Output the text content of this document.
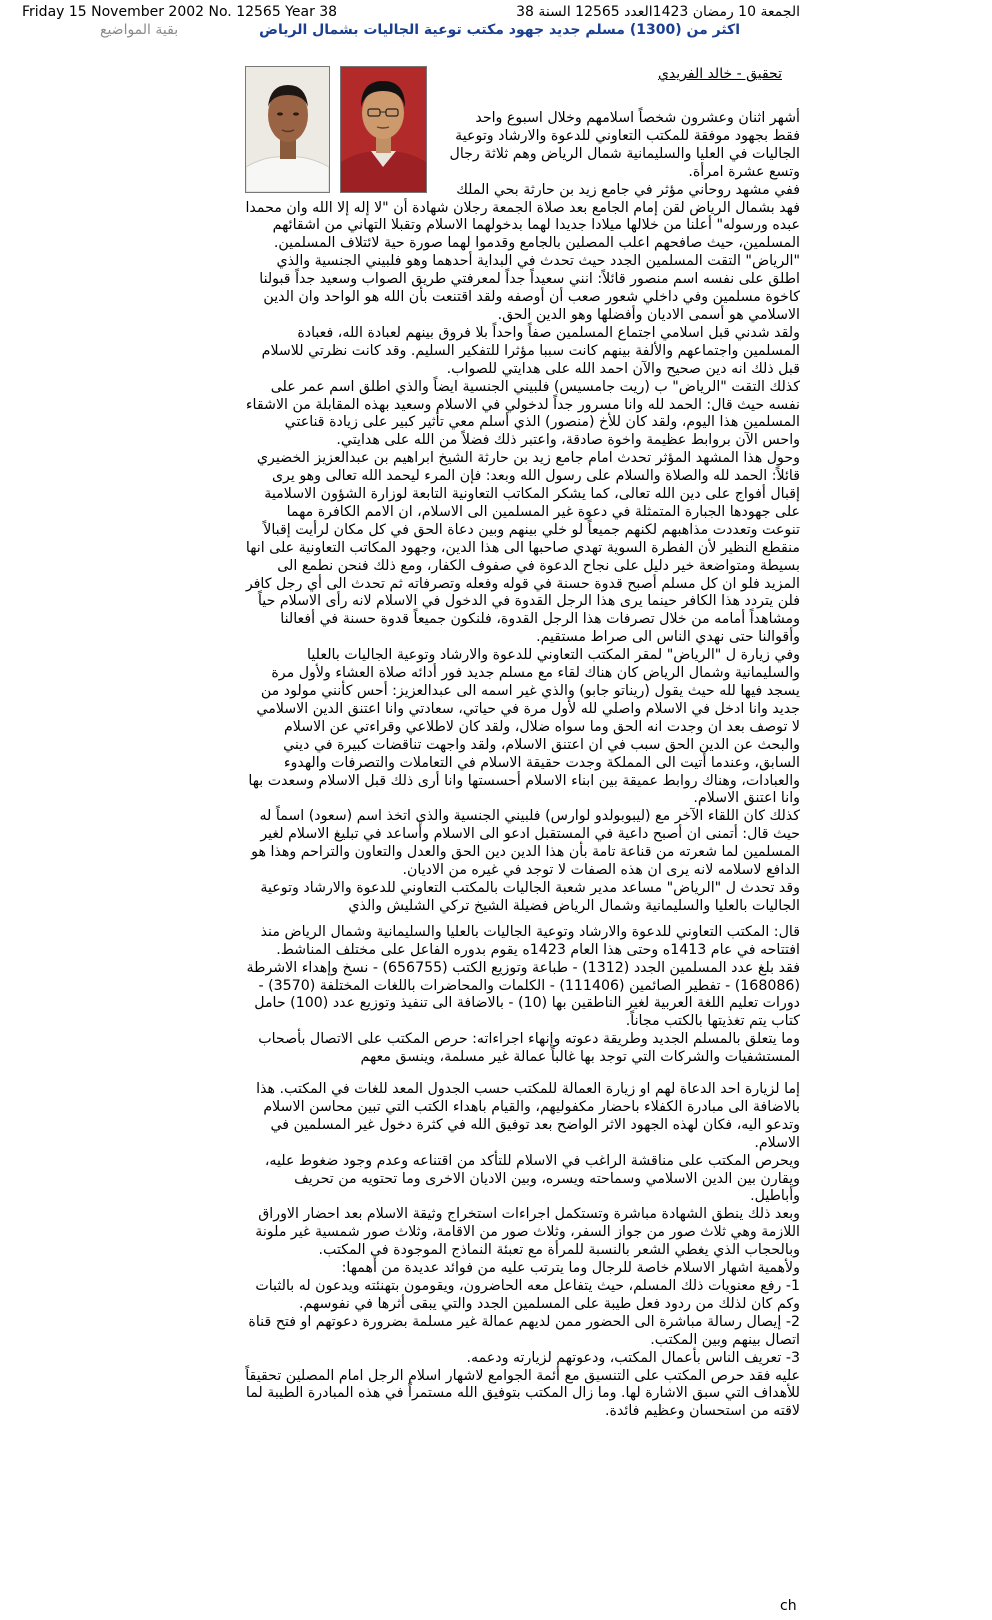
Friday 15 November 2002 No. 12565 Year 38	الجمعة 10 رمضان 1423العدد 12565 السنة 38
اكثر من (1300) مسلم جديد جهود مكتب توعية الجاليات بشمال الرياض
بقية المواضيع
تحقيق - خالد الفريدي

أشهر اثنان وعشرون شخصاً اسلامهم وخلال اسبوع واحد فقط بجهود موفقة للمكتب التعاوني للدعوة والارشاد وتوعية الجاليات في العليا والسليمانية شمال الرياض وهم ثلاثة رجال وتسع عشرة امرأة.

ففي مشهد روحاني مؤثر في جامع زيد بن حارثة بحي الملك فهد بشمال الرياض لقن إمام الجامع بعد صلاة الجمعة رجلان شهادة أن "لا إله إلا الله وان محمدا عبده ورسوله" أعلنا من خلالها ميلادا جديدا لهما بدخولهما الاسلام وتقبلا التهاني من اشقائهم المسلمين، حيث صافحهم اعلب المصلين بالجامع وقدموا لهما صورة حية لائتلاف المسلمين.

"الرياض" التقت المسلمين الجدد حيث تحدث في البداية أحدهما وهو فلبيني الجنسية والذي اطلق على نفسه اسم منصور قائلاً: انني سعيداً جداً لمعرفتي طريق الصواب وسعيد جداً قبولنا كاخوة مسلمين وفي داخلي شعور صعب أن أوصفه ولقد اقتنعت بأن الله هو الواحد وان الدين الاسلامي هو أسمى الاديان وأفضلها وهو الدين الحق.

ولقد شدني قبل اسلامي اجتماع المسلمين صفاً واحداً بلا فروق بينهم لعبادة الله، فعبادة المسلمين واجتماعهم والألفة بينهم كانت سببا مؤثرا للتفكير السليم. وقد كانت نظرتي للاسلام قبل ذلك انه دين صحيح والآن احمد الله على هدايتي للصواب.

كذلك التقت "الرياض" ب (ريت جامسيس) فلبيني الجنسية ايضاً والذي اطلق اسم عمر على نفسه حيث قال: الحمد لله وانا مسرور جداً لدخولي في الاسلام وسعيد بهذه المقابلة من الاشقاء المسلمين هذا اليوم، ولقد كان للأخ (منصور) الذي أسلم معي تأثير كبير على زيادة قناعتي واحس الآن بروابط عظيمة واخوة صادقة، واعتبر ذلك فضلاً من الله على هدايتي.

وحول هذا المشهد المؤثر تحدث امام جامع زيد بن حارثة الشيخ ابراهيم بن عبدالعزيز الخضيري قائلاً: الحمد لله والصلاة والسلام على رسول الله وبعد: فإن المرء ليحمد الله تعالى وهو يرى إقبال أفواج على دين الله تعالى، كما يشكر المكاتب التعاونية التابعة لوزارة الشؤون الاسلامية على جهودها الجبارة المتمثلة في دعوة غير المسلمين الى الاسلام، ان الامم الكافرة مهما تنوعت وتعددت مذاهبهم لكنهم جميعاً لو خلي بينهم وبين دعاة الحق في كل مكان لرأيت إقبالاً منقطع النظير لأن الفطرة السوية تهدي صاحبها الى هذا الدين، وجهود المكاتب التعاونية على انها بسيطة ومتواضعة خير دليل على نجاح الدعوة في صفوف الكفار، ومع ذلك فنحن نطمع الى المزيد فلو ان كل مسلم أصبح قدوة حسنة في قوله وفعله وتصرفاته ثم تحدث الى أي رجل كافر فلن يتردد هذا الكافر حينما يرى هذا الرجل القدوة في الدخول في الاسلام لانه رأى الاسلام حياً ومشاهداً أمامه من خلال تصرفات هذا الرجل القدوة، فلنكون جميعاً قدوة حسنة في أفعالنا وأقوالنا حتى نهدي الناس الى صراط مستقيم.

وفي زيارة ل "الرياض" لمقر المكتب التعاوني للدعوة والارشاد وتوعية الجاليات بالعليا والسليمانية وشمال الرياض كان هناك لقاء مع مسلم جديد فور أدائه صلاة العشاء ولأول مرة يسجد فيها لله حيث يقول (ريناتو جابو) والذي غير اسمه الى عبدالعزيز: أحس كأنني مولود من جديد وانا ادخل في الاسلام واصلي لله لأول مرة في حياتي، سعادتي وانا اعتنق الدين الاسلامي لا توصف بعد ان وجدت انه الحق وما سواه ضلال، ولقد كان لاطلاعي وقراءتي عن الاسلام والبحث عن الدين الحق سبب في ان اعتنق الاسلام، ولقد واجهت تناقضات كبيرة في ديني السابق، وعندما أتيت الى المملكة وجدت حقيقة الاسلام في التعاملات والتصرفات والهدوء والعبادات، وهناك روابط عميقة بين ابناء الاسلام أحسستها وانا أرى ذلك قبل الاسلام وسعدت بها وانا اعتنق الاسلام.

كذلك كان اللقاء الآخر مع (ليبوبولدو لوارس) فلبيني الجنسية والذي اتخذ اسم (سعود) اسماً له حيث قال: أتمنى ان أصبح داعية في المستقبل ادعو الى الاسلام وأساعد في تبليغ الاسلام لغير المسلمين لما شعرته من قناعة تامة بأن هذا الدين دين الحق والعدل والتعاون والتراحم وهذا هو الدافع لاسلامه لانه يرى ان هذه الصفات لا توجد في غيره من الاديان.

وقد تحدث ل "الرياض" مساعد مدير شعبة الجاليات بالمكتب التعاوني للدعوة والارشاد وتوعية الجاليات بالعليا والسليمانية وشمال الرياض فضيلة الشيخ تركي الشليش والذي

قال: المكتب التعاوني للدعوة والارشاد وتوعية الجاليات بالعليا والسليمانية وشمال الرياض منذ افتتاحه في عام 1413ه وحتى هذا العام 1423ه يقوم بدوره الفاعل على مختلف المناشط.

فقد بلغ عدد المسلمين الجدد (1312) - طباعة وتوزيع الكتب (656755) - نسخ وإهداء الاشرطة (168086) - تفطير الصائمين (111406) - الكلمات والمحاضرات باللغات المختلفة (3570) - دورات تعليم اللغة العربية لغير الناطقين بها (10) - بالاضافة الى تنفيذ وتوزيع عدد (100) حامل كتاب يتم تغذيتها بالكتب مجاناً.

وما يتعلق بالمسلم الجديد وطريقة دعوته وإنهاء اجراءاته: حرص المكتب على الاتصال بأصحاب المستشفيات والشركات التي توجد بها غالباً عمالة غير مسلمة، وينسق معهم

إما لزيارة احد الدعاة لهم او زيارة العمالة للمكتب حسب الجدول المعد للغات في المكتب. هذا بالاضافة الى مبادرة الكفلاء باحضار مكفوليهم، والقيام باهداء الكتب التي تبين محاسن الاسلام وتدعو اليه، فكان لهذه الجهود الاثر الواضح بعد توفيق الله في كثرة دخول غير المسلمين في الاسلام.

ويحرص المكتب على مناقشة الراغب في الاسلام للتأكد من اقتناعه وعدم وجود ضغوط عليه، ويقارن بين الدين الاسلامي وسماحته ويسره، وبين الاديان الاخرى وما تحتويه من تحريف وأباطيل.

وبعد ذلك ينطق الشهادة مباشرة وتستكمل اجراءات استخراج وثيقة الاسلام بعد احضار الاوراق اللازمة وهي ثلاث صور من جواز السفر، وثلاث صور من الاقامة، وثلاث صور شمسية غير ملونة وبالحجاب الذي يغطي الشعر بالنسبة للمرأة مع تعبئة النماذج الموجودة في المكتب.

ولأهمية اشهار الاسلام خاصة للرجال وما يترتب عليه من فوائد عديدة من أهمها:

1- رفع معنويات ذلك المسلم، حيث يتفاعل معه الحاضرون، ويقومون بتهنئته ويدعون له بالثبات وكم كان لذلك من ردود فعل طيبة على المسلمين الجدد والتي يبقى أثرها في نفوسهم.

2- إيصال رسالة مباشرة الى الحضور ممن لديهم عمالة غير مسلمة بضرورة دعوتهم او فتح قناة اتصال بينهم وبين المكتب.

3- تعريف الناس بأعمال المكتب، ودعوتهم لزيارته ودعمه.

عليه فقد حرص المكتب على التنسيق مع أئمة الجوامع لاشهار اسلام الرجل امام المصلين تحقيقاً للأهداف التي سبق الاشارة لها. وما زال المكتب بتوفيق الله مستمراً في هذه المبادرة الطيبة لما لاقته من استحسان وعظيم فائدة.

ch
